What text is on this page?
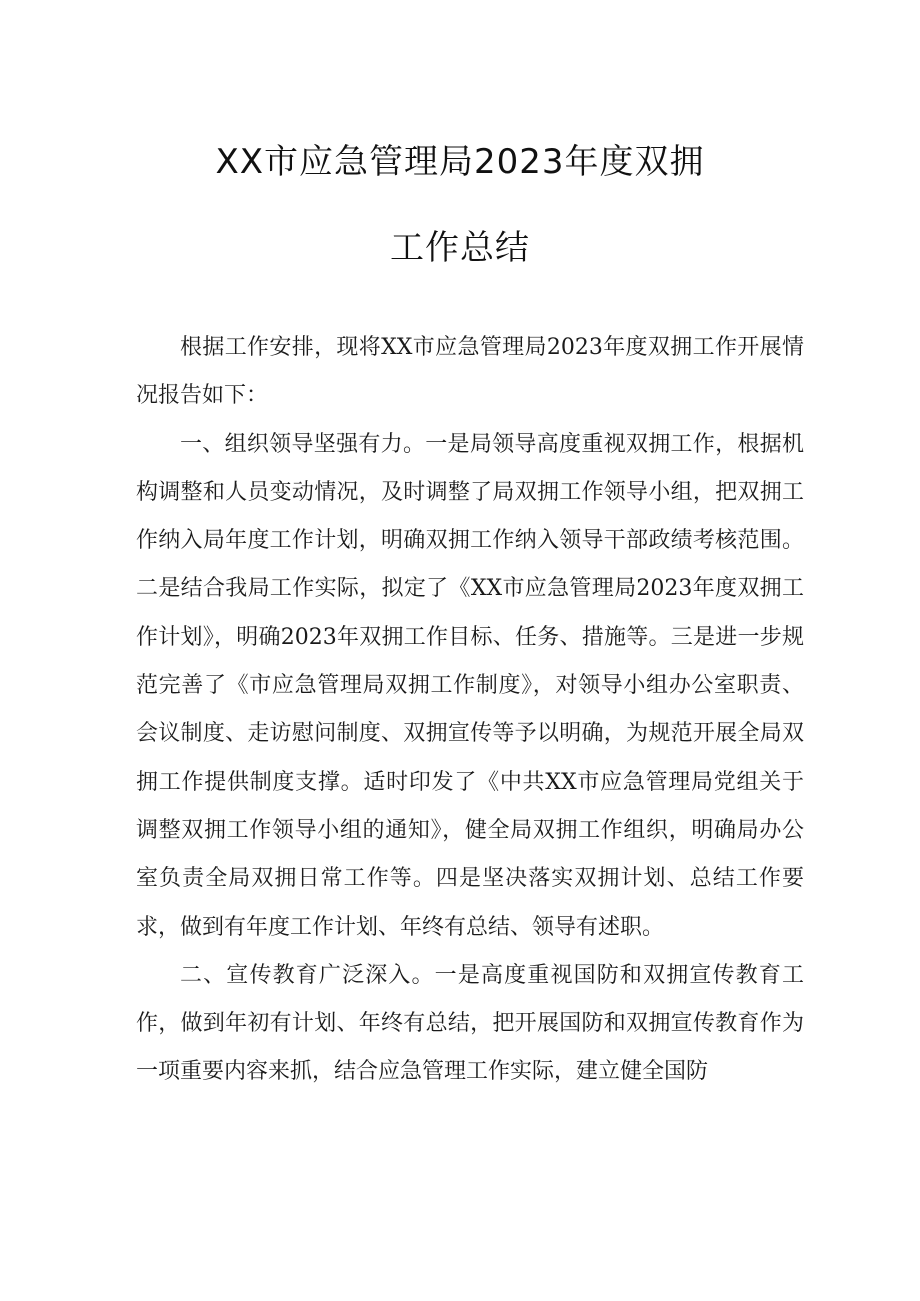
XX市应急管理局2023年度双拥
工作总结

根据工作安排，现将XX市应急管理局2023年度双拥工作开展情况报告如下：

一、组织领导坚强有力。一是局领导高度重视双拥工作，根据机构调整和人员变动情况，及时调整了局双拥工作领导小组，把双拥工作纳入局年度工作计划，明确双拥工作纳入领导干部政绩考核范围。二是结合我局工作实际，拟定了《XX市应急管理局2023年度双拥工作计划》，明确2023年双拥工作目标、任务、措施等。三是进一步规范完善了《市应急管理局双拥工作制度》，对领导小组办公室职责、会议制度、走访慰问制度、双拥宣传等予以明确，为规范开展全局双拥工作提供制度支撑。适时印发了《中共XX市应急管理局党组关于调整双拥工作领导小组的通知》，健全局双拥工作组织，明确局办公室负责全局双拥日常工作等。四是坚决落实双拥计划、总结工作要求，做到有年度工作计划、年终有总结、领导有述职。

二、宣传教育广泛深入。一是高度重视国防和双拥宣传教育工作，做到年初有计划、年终有总结，把开展国防和双拥宣传教育作为一项重要内容来抓，结合应急管理工作实际，建立健全国防
